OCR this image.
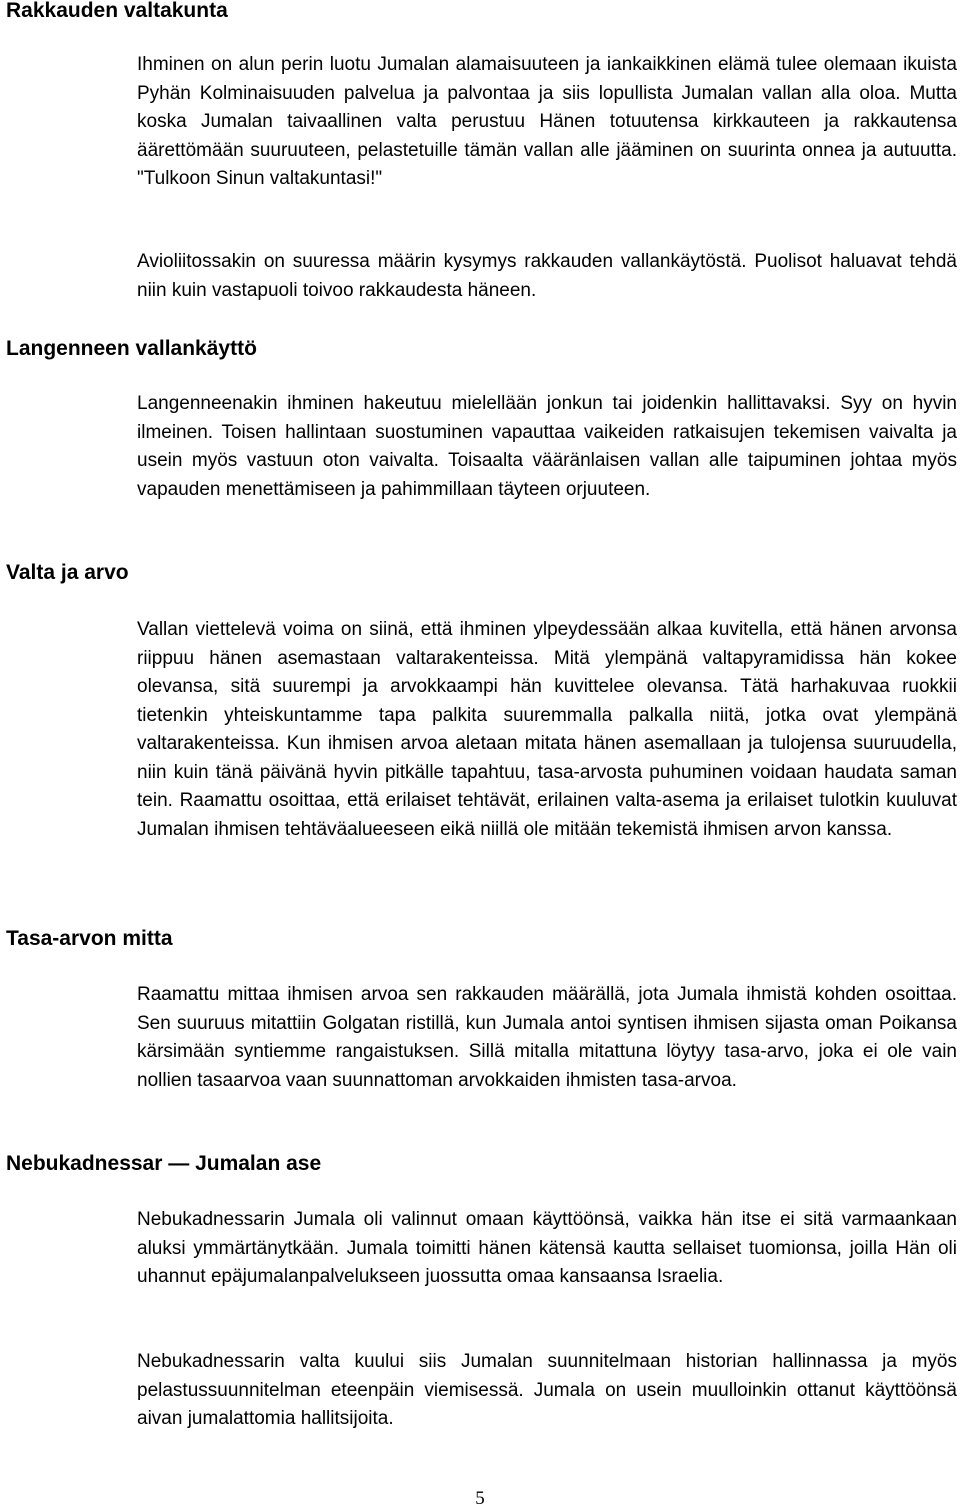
Rakkauden valtakunta

Ihminen on alun perin luotu Jumalan alamaisuuteen ja iankaikkinen elämä tulee olemaan ikuista Pyhän Kolminaisuuden palvelua ja palvontaa ja siis lopullista Jumalan vallan alla oloa. Mutta koska Jumalan taivaallinen valta perustuu Hänen totuutensa kirkkauteen ja rakkautensa äärettömään suuruuteen, pelastetuille tämän vallan alle jääminen on suurinta onnea ja autuutta. "Tulkoon Sinun valtakuntasi!"

Avioliitossakin on suuressa määrin kysymys rakkauden vallankäytöstä. Puolisot haluavat tehdä niin kuin vastapuoli toivoo rakkaudesta häneen.

Langenneen vallankäyttö

Langenneenakin ihminen hakeutuu mielellään jonkun tai joidenkin hallittavaksi. Syy on hyvin ilmeinen. Toisen hallintaan suostuminen vapauttaa vaikeiden ratkaisujen tekemisen vaivalta ja usein myös vastuun oton vaivalta. Toisaalta vääränlaisen vallan alle taipuminen johtaa myös vapauden menettämiseen ja pahimmillaan täyteen orjuuteen.

Valta ja arvo

Vallan viettelevä voima on siinä, että ihminen ylpeydessään alkaa kuvitella, että hänen arvonsa riippuu hänen asemastaan valtarakenteissa. Mitä ylempänä valtapyramidissa hän kokee olevansa, sitä suurempi ja arvokkaampi hän kuvittelee olevansa. Tätä harhakuvaa ruokkii tietenkin yhteiskuntamme tapa palkita suuremmalla palkalla niitä, jotka ovat ylempänä valtarakenteissa. Kun ihmisen arvoa aletaan mitata hänen asemallaan ja tulojensa suuruudella, niin kuin tänä päivänä hyvin pitkälle tapahtuu, tasa-arvosta puhuminen voidaan haudata saman tein. Raamattu osoittaa, että erilaiset tehtävät, erilainen valta-asema ja erilaiset tulotkin kuuluvat Jumalan ihmisen tehtäväalueeseen eikä niillä ole mitään tekemistä ihmisen arvon kanssa.

Tasa-arvon mitta

Raamattu mittaa ihmisen arvoa sen rakkauden määrällä, jota Jumala ihmistä kohden osoittaa. Sen suuruus mitattiin Golgatan ristillä, kun Jumala antoi syntisen ihmisen sijasta oman Poikansa kärsimään syntiemme rangaistuksen. Sillä mitalla mitattuna löytyy tasa-arvo, joka ei ole vain nollien tasaarvoa vaan suunnattoman arvokkaiden ihmisten tasa-arvoa.

Nebukadnessar — Jumalan ase

Nebukadnessarin Jumala oli valinnut omaan käyttöönsä, vaikka hän itse ei sitä varmaankaan aluksi ymmärtänytkään. Jumala toimitti hänen kätensä kautta sellaiset tuomionsa, joilla Hän oli uhannut epäjumalanpalvelukseen juossutta omaa kansaansa Israelia.

Nebukadnessarin valta kuului siis Jumalan suunnitelmaan historian hallinnassa ja myös pelastussuunnitelman eteenpäin viemisessä. Jumala on usein muulloinkin ottanut käyttöönsä aivan jumalattomia hallitsijoita.

5
